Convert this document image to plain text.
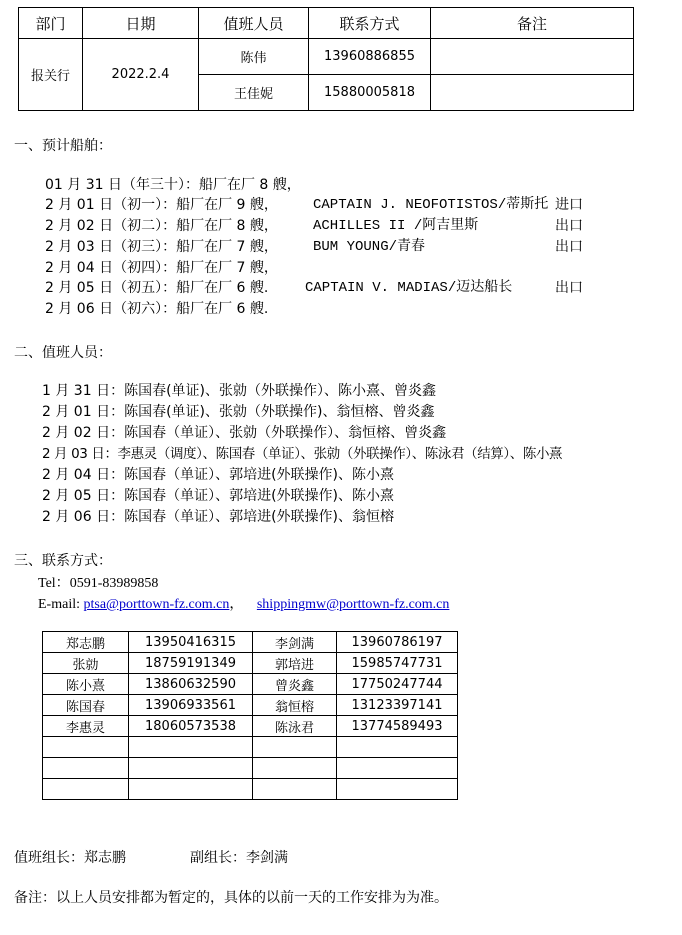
部门	日期	值班人员	联系方式	备注
报关行	2022.2.4	陈伟	13960886855	
		王佳妮	15880005818	
一、预计船舶：
01 月 31 日（年三十）：船厂在厂 8 艘，
2 月 01 日（初一）：船厂在厂 9 艘，	CAPTAIN J. NEOFOTISTOS/蒂斯托 进口
2 月 02 日（初二）：船厂在厂 8 艘，	ACHILLES II /阿吉里斯	出口
2 月 03 日（初三）：船厂在厂 7 艘，	BUM YOUNG/青春	出口
2 月 04 日（初四）：船厂在厂 7 艘，
2 月 05 日（初五）：船厂在厂 6 艘.	CAPTAIN V. MADIAS/迈达船长	出口
2 月 06 日（初六）：船厂在厂 6 艘.
二、值班人员：
1 月 31 日：陈国春(单证)、张勍（外联操作）、陈小熹、曾炎鑫
2 月 01 日：陈国春(单证)、张勍（外联操作)、翁恒榕、曾炎鑫
2 月 02 日：陈国春（单证）、张勍（外联操作）、翁恒榕、曾炎鑫
2 月 03 日：李惠灵（调度）、陈国春（单证）、张勍（外联操作）、陈泳君（结算）、陈小熹
2 月 04 日：陈国春（单证）、郭培进(外联操作)、陈小熹
2 月 05 日：陈国春（单证）、郭培进(外联操作)、陈小熹
2 月 06 日：陈国春（单证）、郭培进(外联操作)、翁恒榕
三、联系方式：
Tel：0591-83989858
E-mail: ptsa@porttown-fz.com.cn， shippingmw@porttown-fz.com.cn
郑志鹏	13950416315	李剑满	13960786197
张勍	18759191349	郭培进	15985747731
陈小熹	13860632590	曾炎鑫	17750247744
陈国春	13906933561	翁恒榕	13123397141
李惠灵	18060573538	陈泳君	13774589493

值班组长：郑志鹏	副组长：李剑满
备注：以上人员安排都为暂定的，具体的以前一天的工作安排为为准。
